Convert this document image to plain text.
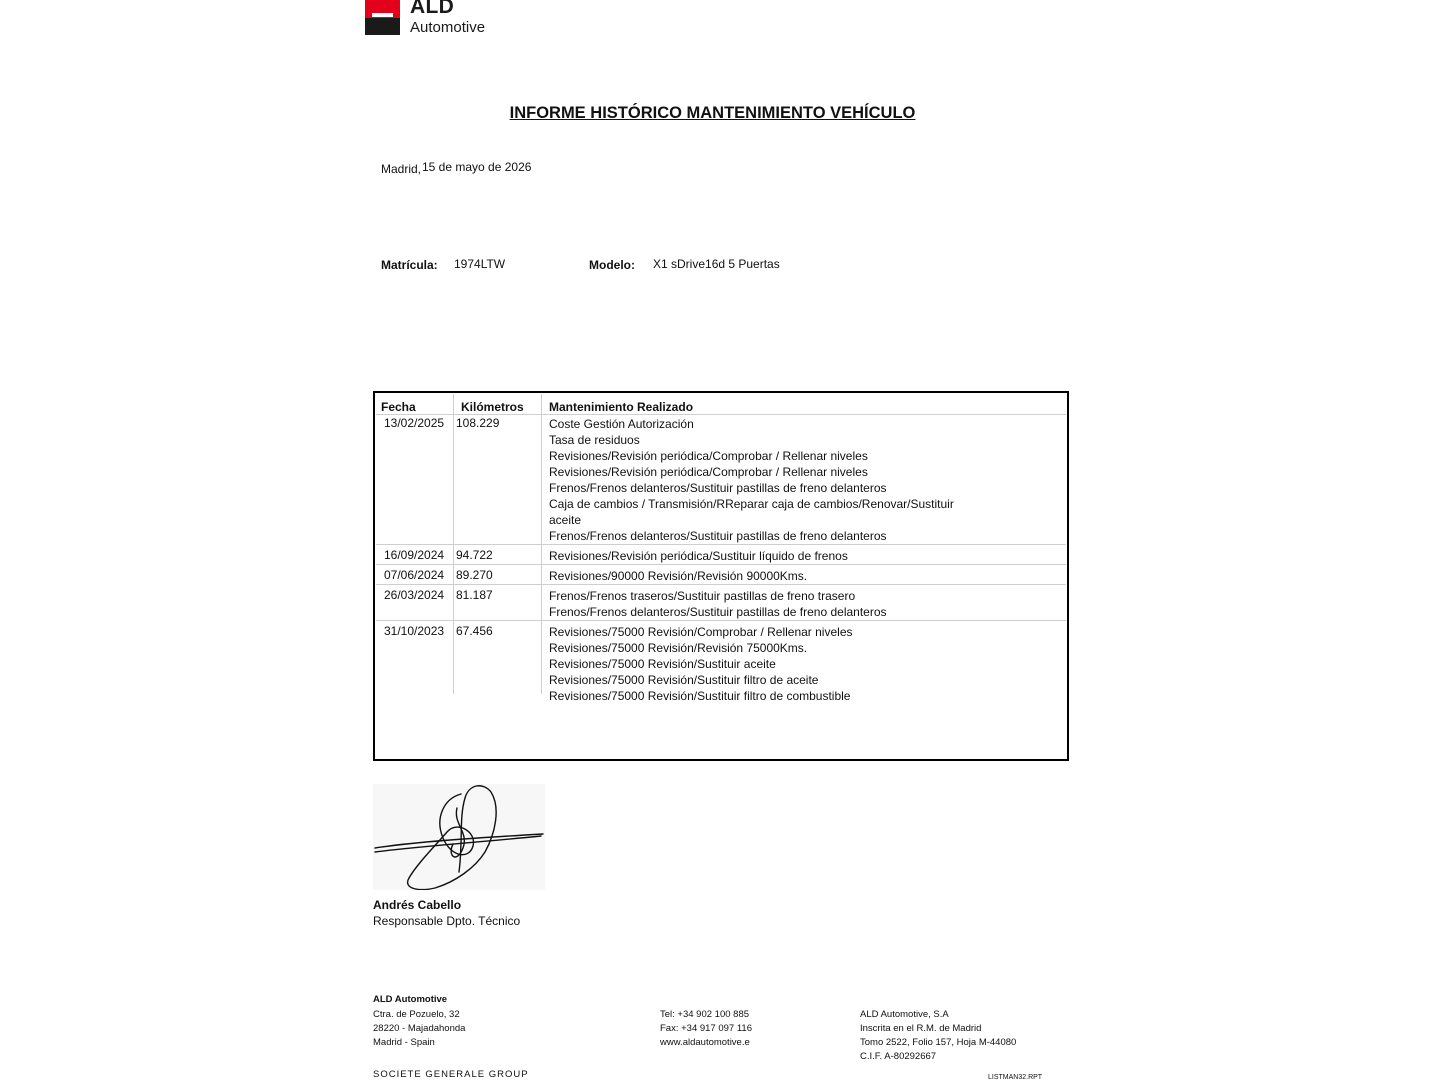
ALD
Automotive
INFORME HISTÓRICO MANTENIMIENTO VEHÍCULO
Madrid, 15 de mayo de 2026
Matrícula: 1974LTW	Modelo: X1 sDrive16d 5 Puertas
Fecha	Kilómetros Mantenimiento Realizado
13/02/2025 108.229	Coste Gestión Autorización
Tasa de residuos
Revisiones/Revisión periódica/Comprobar / Rellenar niveles
Revisiones/Revisión periódica/Comprobar / Rellenar niveles
Frenos/Frenos delanteros/Sustituir pastillas de freno delanteros
Caja de cambios / Transmisión/RReparar caja de cambios/Renovar/Sustituir
aceite
Frenos/Frenos delanteros/Sustituir pastillas de freno delanteros
16/09/2024 94.722	Revisiones/Revisión periódica/Sustituir líquido de frenos
07/06/2024 89.270	Revisiones/90000 Revisión/Revisión 90000Kms.
26/03/2024 81.187	Frenos/Frenos traseros/Sustituir pastillas de freno trasero
Frenos/Frenos delanteros/Sustituir pastillas de freno delanteros
31/10/2023 67.456	Revisiones/75000 Revisión/Comprobar / Rellenar niveles
Revisiones/75000 Revisión/Revisión 75000Kms.
Revisiones/75000 Revisión/Sustituir aceite
Revisiones/75000 Revisión/Sustituir filtro de aceite
Revisiones/75000 Revisión/Sustituir filtro de combustible
Andrés Cabello
Responsable Dpto. Técnico
ALD Automotive
Ctra. de Pozuelo, 32
28220 - Majadahonda
Madrid - Spain
Tel: +34 902 100 885
Fax: +34 917 097 116
www.aldautomotive.e
ALD Automotive, S.A
Inscrita en el R.M. de Madrid
Tomo 2522, Folio 157, Hoja M-44080
C.I.F. A-80292667
SOCIETE GENERALE GROUP	LISTMAN32.RPT
